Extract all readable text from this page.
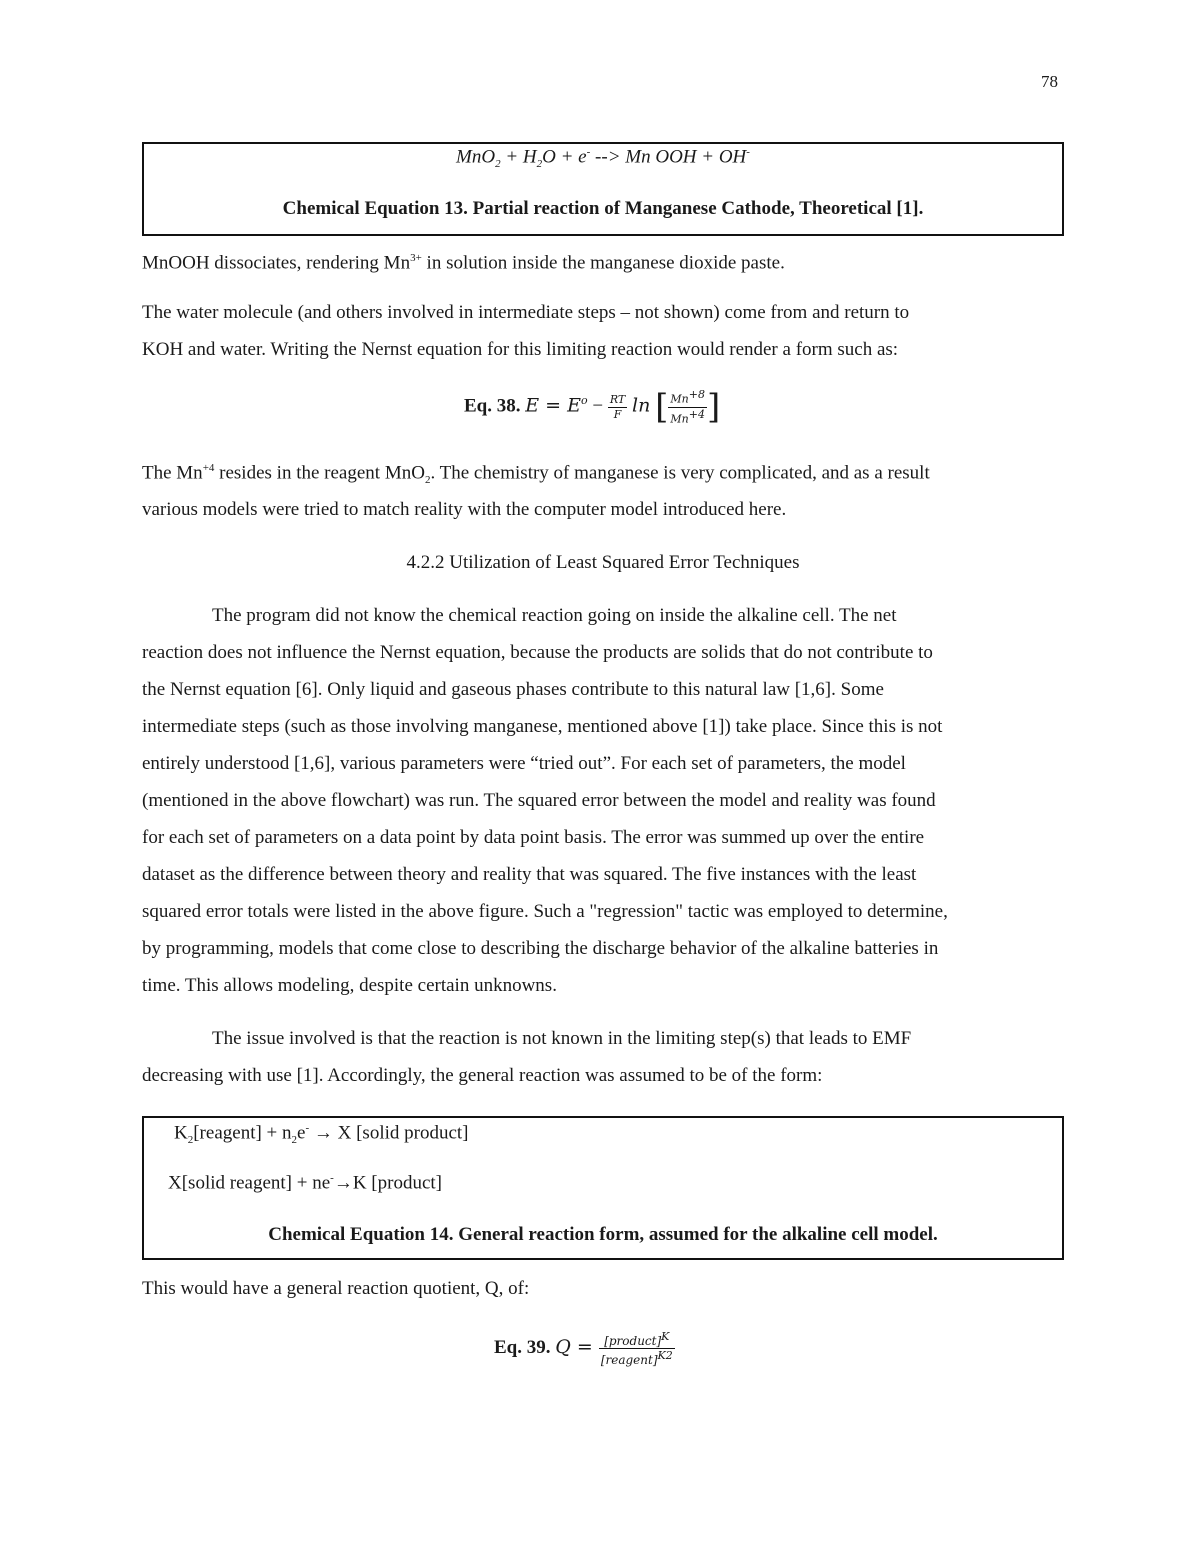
78
$MnO_2 + H_2O + e^-$ --> Mn OOH + OH-
Chemical Equation 13. Partial reaction of Manganese Cathode, Theoretical [1].
MnOOH dissociates, rendering $Mn^{3+}$ in solution inside the manganese dioxide paste.
The water molecule (and others involved in intermediate steps – not shown) come from and return to
KOH and water. Writing the Nernst equation for this limiting reaction would render a form such as:
Eq. 38. $E = E^o - \frac{RT}{F}$ ln [ $\frac{Mn^{+8}}{Mn^{+4}}$ ]
The $Mn^{+4}$ resides in the reagent MnO$_2$. The chemistry of manganese is very complicated, and as a result
various models were tried to match reality with the computer model introduced here.
4.2.2 Utilization of Least Squared Error Techniques
The program did not know the chemical reaction going on inside the alkaline cell. The net
reaction does not influence the Nernst equation, because the products are solids that do not contribute to
the Nernst equation [6]. Only liquid and gaseous phases contribute to this natural law [1,6]. Some
intermediate steps (such as those involving manganese, mentioned above [1]) take place. Since this is not
entirely understood [1,6], various parameters were “tried out”. For each set of parameters, the model
(mentioned in the above flowchart) was run. The squared error between the model and reality was found
for each set of parameters on a data point by data point basis. The error was summed up over the entire
dataset as the difference between theory and reality that was squared. The five instances with the least
squared error totals were listed in the above figure. Such a "regression" tactic was employed to determine,
by programming, models that come close to describing the discharge behavior of the alkaline batteries in
time. This allows modeling, despite certain unknowns.
The issue involved is that the reaction is not known in the limiting step(s) that leads to EMF
decreasing with use [1]. Accordingly, the general reaction was assumed to be of the form:
$K_2[reagent] + n_2e^- \to X$ [solid product]
X[solid reagent] + ne-→K [product]
Chemical Equation 14. General reaction form, assumed for the alkaline cell model.
This would have a general reaction quotient, Q, of:
Eq. 39. $Q = \frac{[product]^K}{[reagent]^{K2}}$
